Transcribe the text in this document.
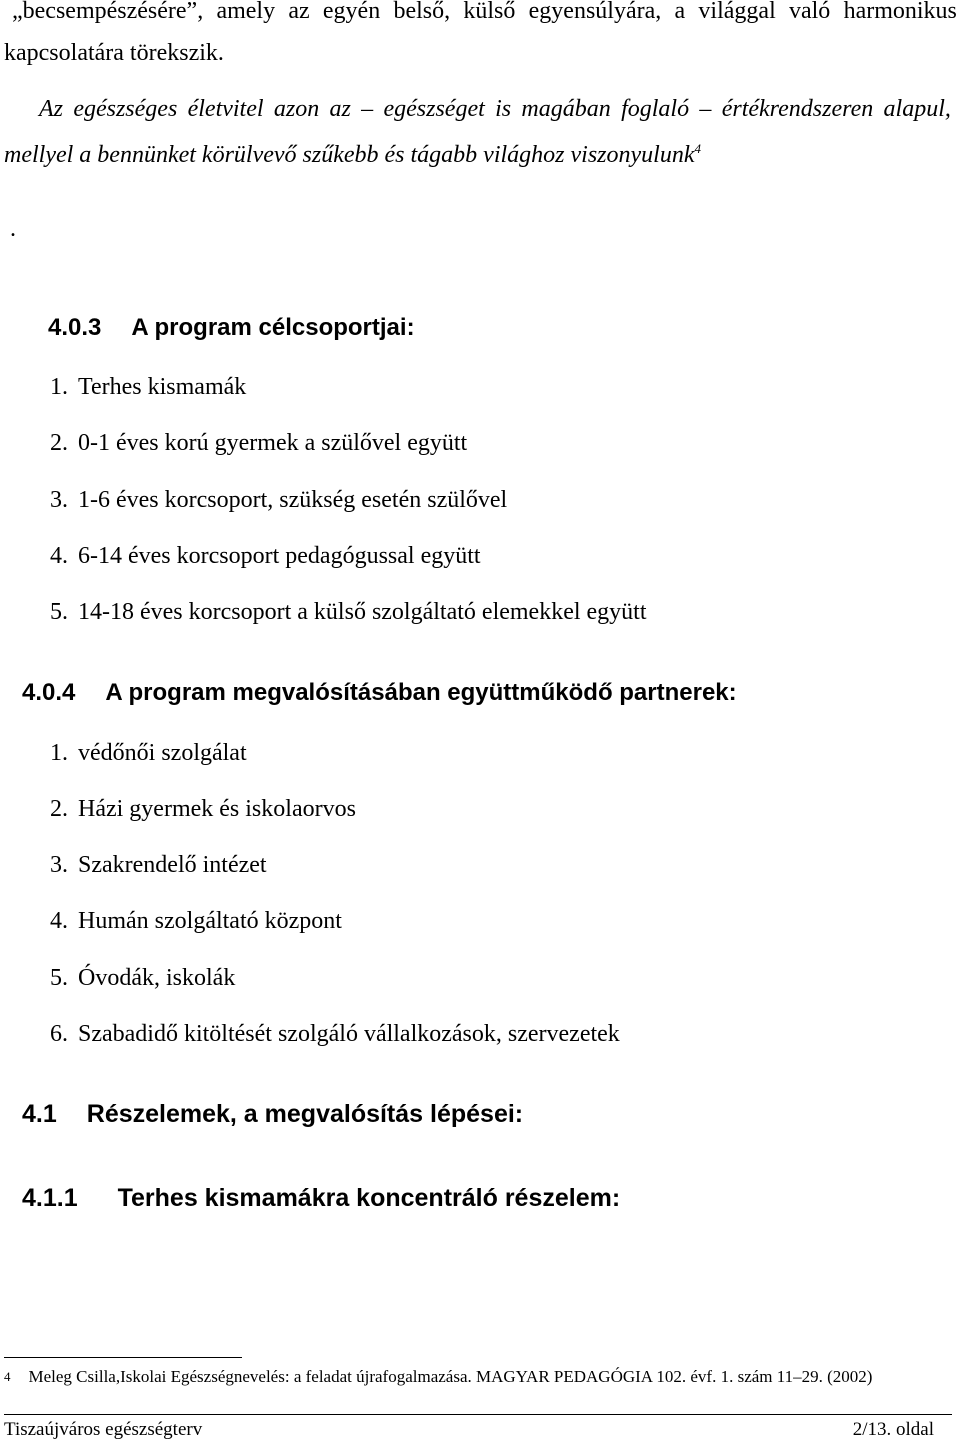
„becsempészésére”, amely az egyén belső, külső egyensúlyára, a világgal való harmonikus
kapcsolatára törekszik.
Az egészséges életvitel azon az – egészséget is magában foglaló – értékrendszeren alapul,
mellyel a bennünket körülvevő szűkebb és tágabb világhoz viszonyulunk$^4$
.
4.0.3 A program célcsoportjai:
1. Terhes kismamák
2. 0-1 éves korú gyermek a szülővel együtt
3. 1-6 éves korcsoport, szükség esetén szülővel
4. 6-14 éves korcsoport pedagógussal együtt
5. 14-18 éves korcsoport a külső szolgáltató elemekkel együtt
4.0.4 A program megvalósításában együttműködő partnerek:
1. védőnői szolgálat
2. Házi gyermek és iskolaorvos
3. Szakrendelő intézet
4. Humán szolgáltató központ
5. Óvodák, iskolák
6. Szabadidő kitöltését szolgáló vállalkozások, szervezetek
4.1 Részelemek, a megvalósítás lépései:
4.1.1 Terhes kismamákra koncentráló részelem:
$^4$ Meleg Csilla,Iskolai Egészségnevelés: a feladat újrafogalmazása. MAGYAR PEDAGÓGIA 102. évf. 1. szám 11–29. (2002)
Tiszaújváros egészségterv	2/13. oldal
